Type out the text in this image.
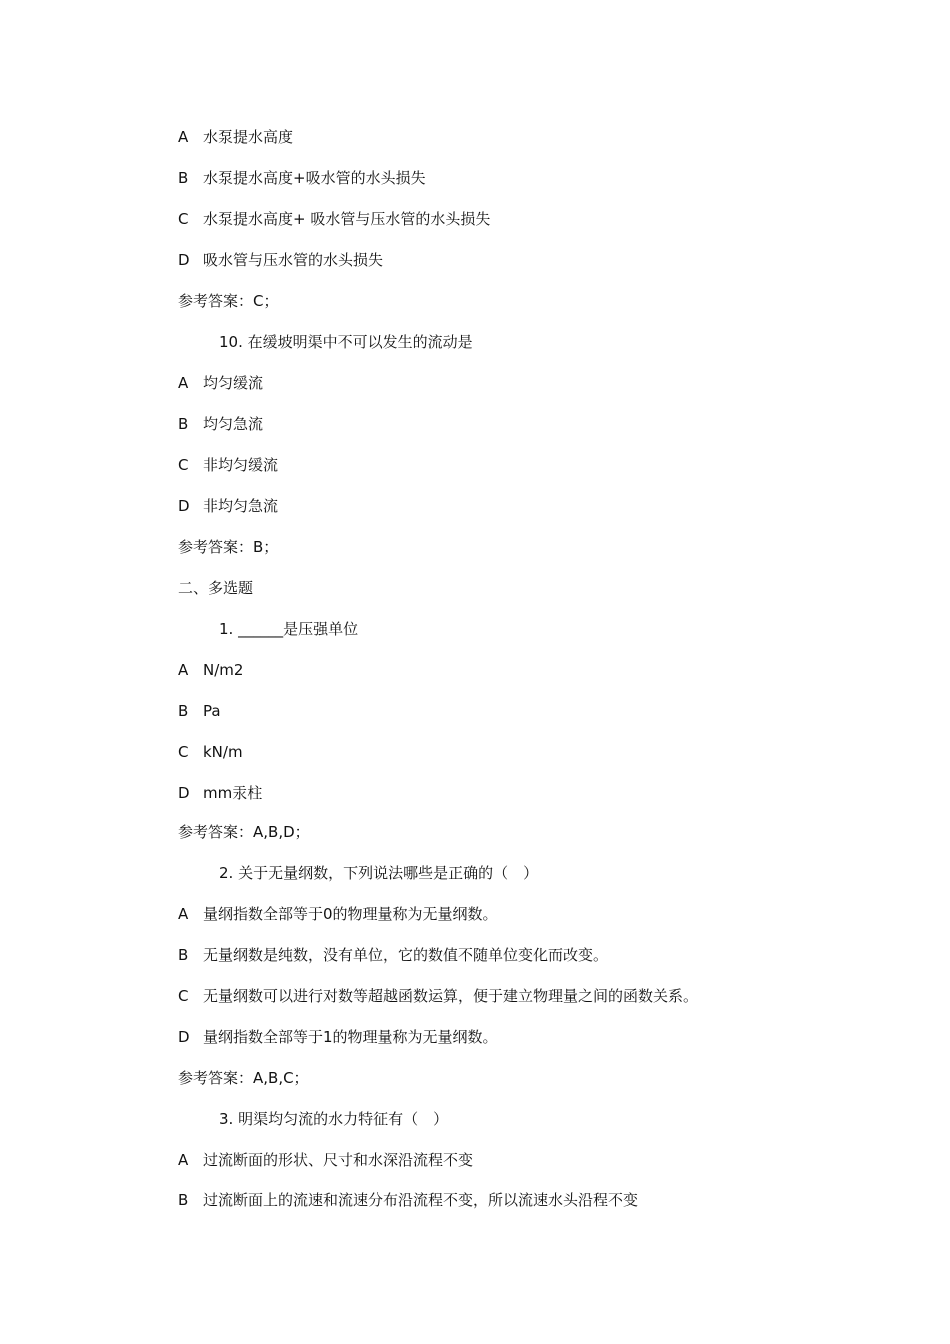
A 水泵提水高度
B 水泵提水高度+吸水管的水头损失
C 水泵提水高度+ 吸水管与压水管的水头损失
D 吸水管与压水管的水头损失
参考答案：C；
10. 在缓坡明渠中不可以发生的流动是
A 均匀缓流
B 均匀急流
C 非均匀缓流
D 非均匀急流
参考答案：B；
二、多选题
1. ______是压强单位
A N/m2
B Pa
C kN/m
D mm汞柱
参考答案：A,B,D；
2. 关于无量纲数，下列说法哪些是正确的（　）
A 量纲指数全部等于0的物理量称为无量纲数。
B 无量纲数是纯数，没有单位，它的数值不随单位变化而改变。
C 无量纲数可以进行对数等超越函数运算，便于建立物理量之间的函数关系。
D 量纲指数全部等于1的物理量称为无量纲数。
参考答案：A,B,C；
3. 明渠均匀流的水力特征有（　）
A 过流断面的形状、尺寸和水深沿流程不变
B 过流断面上的流速和流速分布沿流程不变，所以流速水头沿程不变
